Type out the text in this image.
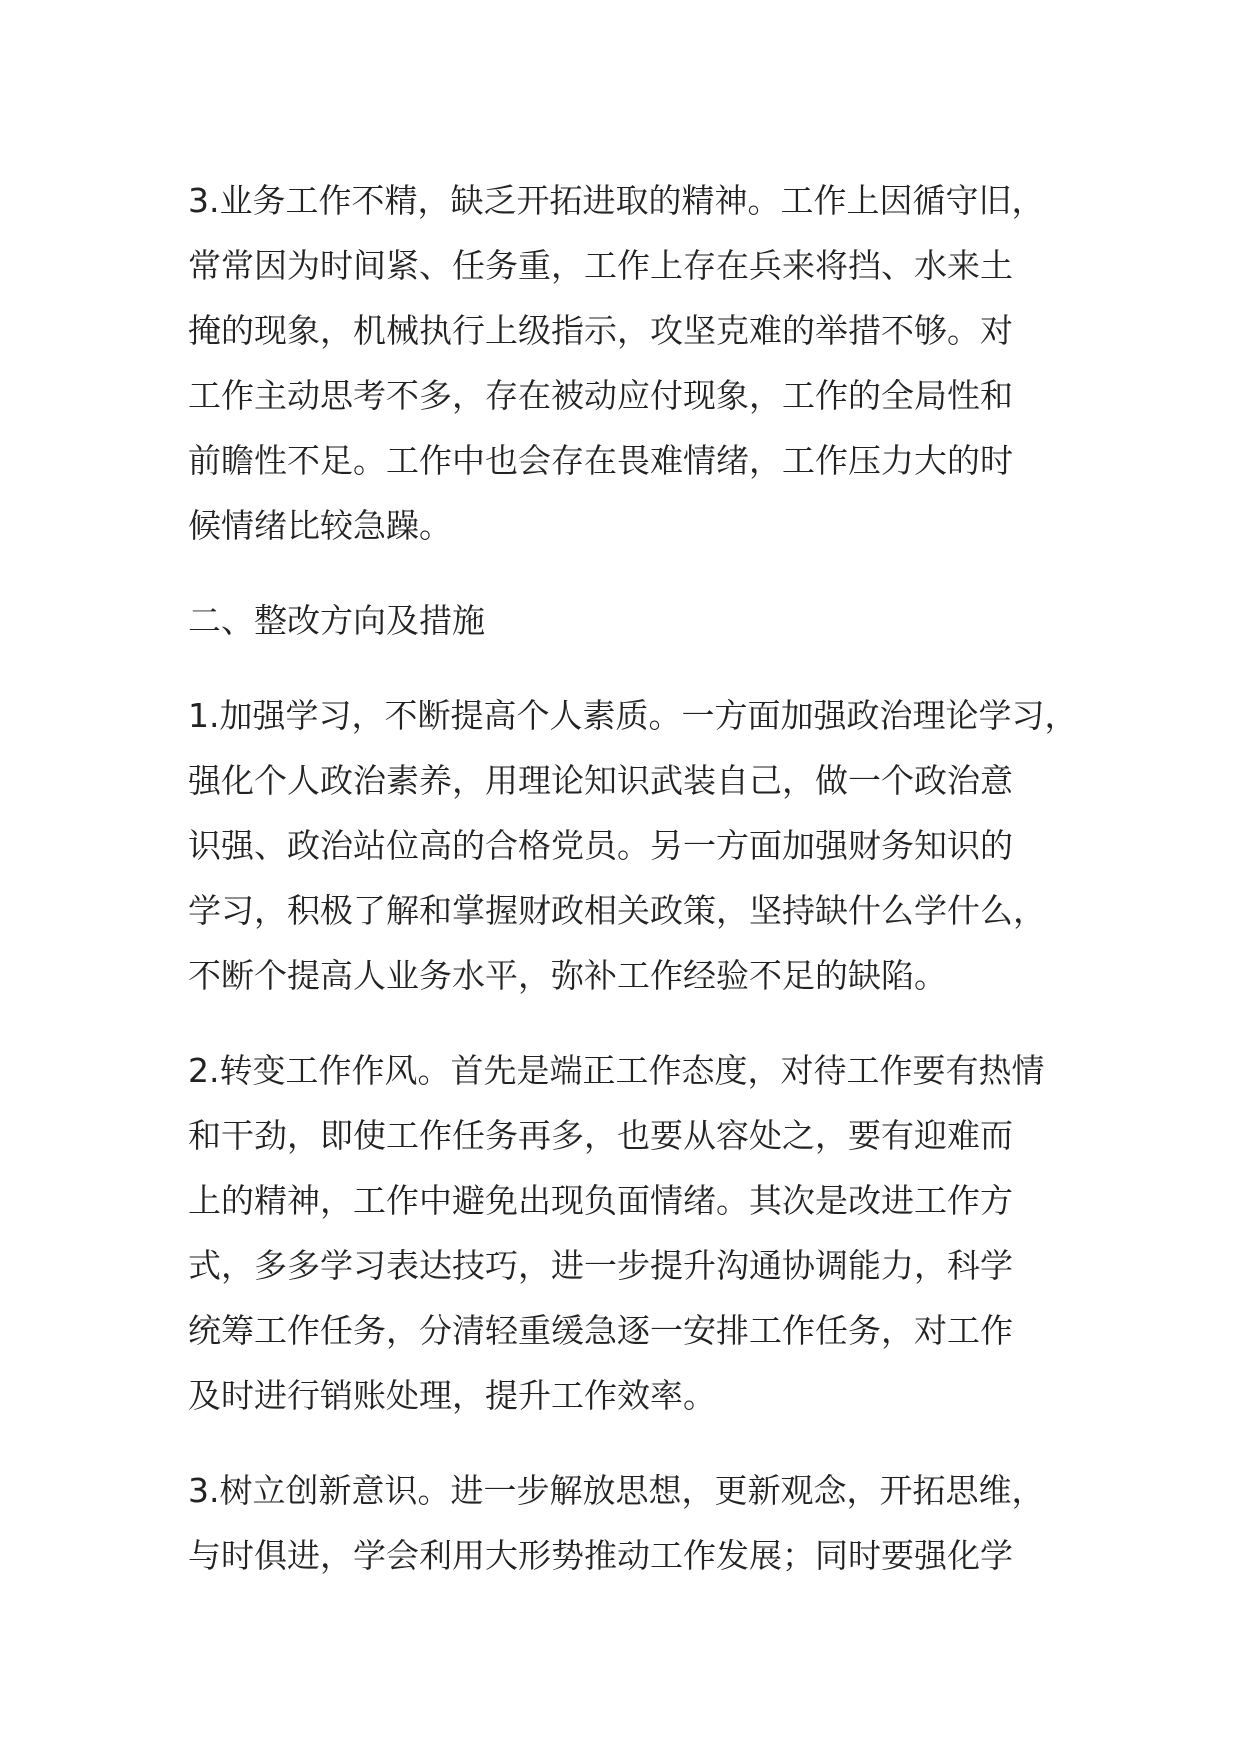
3.业务工作不精，缺乏开拓进取的精神。工作上因循守旧，
常常因为时间紧、任务重，工作上存在兵来将挡、水来土
掩的现象，机械执行上级指示，攻坚克难的举措不够。对
工作主动思考不多，存在被动应付现象，工作的全局性和
前瞻性不足。工作中也会存在畏难情绪，工作压力大的时
候情绪比较急躁。
二、整改方向及措施
1.加强学习，不断提高个人素质。一方面加强政治理论学习，
强化个人政治素养，用理论知识武装自己，做一个政治意
识强、政治站位高的合格党员。另一方面加强财务知识的
学习，积极了解和掌握财政相关政策，坚持缺什么学什么，
不断个提高人业务水平，弥补工作经验不足的缺陷。
2.转变工作作风。首先是端正工作态度，对待工作要有热情
和干劲，即使工作任务再多，也要从容处之，要有迎难而
上的精神，工作中避免出现负面情绪。其次是改进工作方
式，多多学习表达技巧，进一步提升沟通协调能力，科学
统筹工作任务，分清轻重缓急逐一安排工作任务，对工作
及时进行销账处理，提升工作效率。
3.树立创新意识。进一步解放思想，更新观念，开拓思维，
与时俱进，学会利用大形势推动工作发展；同时要强化学
